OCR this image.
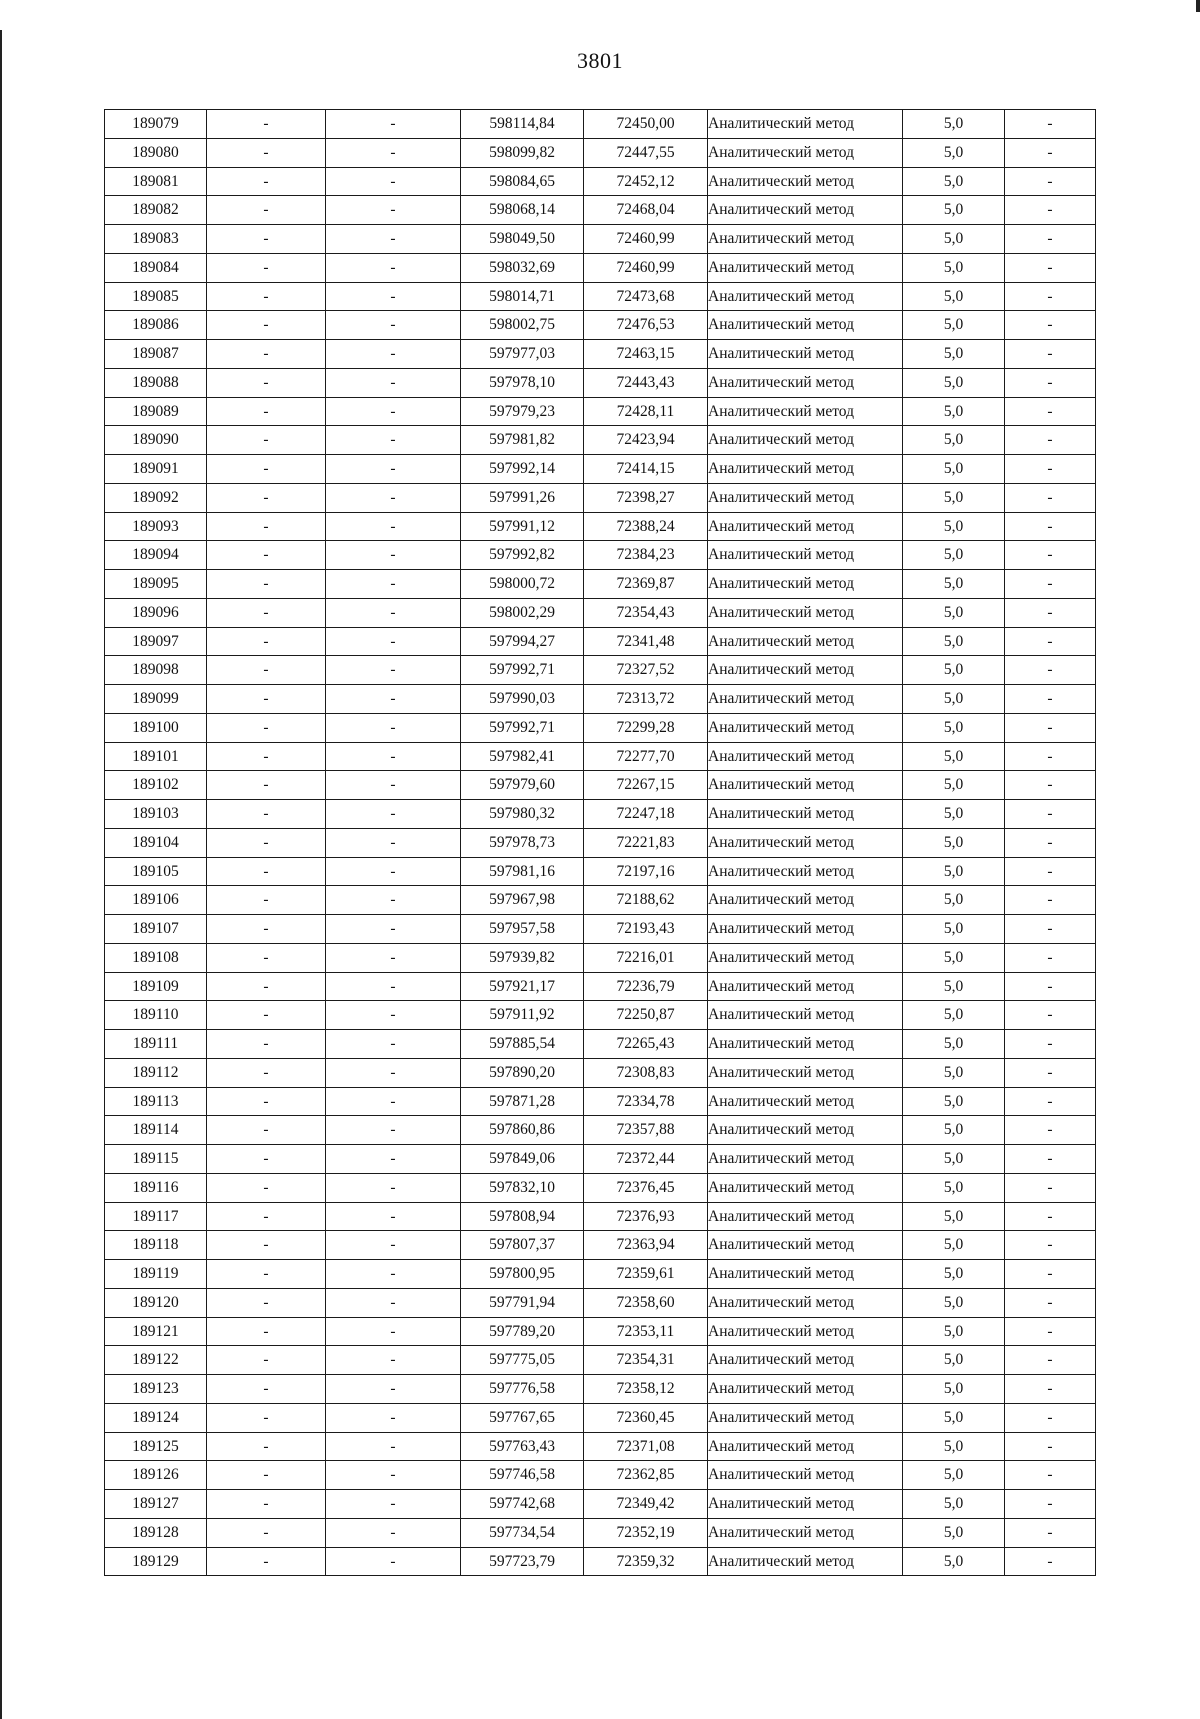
3801
189079	-	-	598114,84	72450,00	Аналитический метод	5,0	-
189080	-	-	598099,82	72447,55	Аналитический метод	5,0	-
189081	-	-	598084,65	72452,12	Аналитический метод	5,0	-
189082	-	-	598068,14	72468,04	Аналитический метод	5,0	-
189083	-	-	598049,50	72460,99	Аналитический метод	5,0	-
189084	-	-	598032,69	72460,99	Аналитический метод	5,0	-
189085	-	-	598014,71	72473,68	Аналитический метод	5,0	-
189086	-	-	598002,75	72476,53	Аналитический метод	5,0	-
189087	-	-	597977,03	72463,15	Аналитический метод	5,0	-
189088	-	-	597978,10	72443,43	Аналитический метод	5,0	-
189089	-	-	597979,23	72428,11	Аналитический метод	5,0	-
189090	-	-	597981,82	72423,94	Аналитический метод	5,0	-
189091	-	-	597992,14	72414,15	Аналитический метод	5,0	-
189092	-	-	597991,26	72398,27	Аналитический метод	5,0	-
189093	-	-	597991,12	72388,24	Аналитический метод	5,0	-
189094	-	-	597992,82	72384,23	Аналитический метод	5,0	-
189095	-	-	598000,72	72369,87	Аналитический метод	5,0	-
189096	-	-	598002,29	72354,43	Аналитический метод	5,0	-
189097	-	-	597994,27	72341,48	Аналитический метод	5,0	-
189098	-	-	597992,71	72327,52	Аналитический метод	5,0	-
189099	-	-	597990,03	72313,72	Аналитический метод	5,0	-
189100	-	-	597992,71	72299,28	Аналитический метод	5,0	-
189101	-	-	597982,41	72277,70	Аналитический метод	5,0	-
189102	-	-	597979,60	72267,15	Аналитический метод	5,0	-
189103	-	-	597980,32	72247,18	Аналитический метод	5,0	-
189104	-	-	597978,73	72221,83	Аналитический метод	5,0	-
189105	-	-	597981,16	72197,16	Аналитический метод	5,0	-
189106	-	-	597967,98	72188,62	Аналитический метод	5,0	-
189107	-	-	597957,58	72193,43	Аналитический метод	5,0	-
189108	-	-	597939,82	72216,01	Аналитический метод	5,0	-
189109	-	-	597921,17	72236,79	Аналитический метод	5,0	-
189110	-	-	597911,92	72250,87	Аналитический метод	5,0	-
189111	-	-	597885,54	72265,43	Аналитический метод	5,0	-
189112	-	-	597890,20	72308,83	Аналитический метод	5,0	-
189113	-	-	597871,28	72334,78	Аналитический метод	5,0	-
189114	-	-	597860,86	72357,88	Аналитический метод	5,0	-
189115	-	-	597849,06	72372,44	Аналитический метод	5,0	-
189116	-	-	597832,10	72376,45	Аналитический метод	5,0	-
189117	-	-	597808,94	72376,93	Аналитический метод	5,0	-
189118	-	-	597807,37	72363,94	Аналитический метод	5,0	-
189119	-	-	597800,95	72359,61	Аналитический метод	5,0	-
189120	-	-	597791,94	72358,60	Аналитический метод	5,0	-
189121	-	-	597789,20	72353,11	Аналитический метод	5,0	-
189122	-	-	597775,05	72354,31	Аналитический метод	5,0	-
189123	-	-	597776,58	72358,12	Аналитический метод	5,0	-
189124	-	-	597767,65	72360,45	Аналитический метод	5,0	-
189125	-	-	597763,43	72371,08	Аналитический метод	5,0	-
189126	-	-	597746,58	72362,85	Аналитический метод	5,0	-
189127	-	-	597742,68	72349,42	Аналитический метод	5,0	-
189128	-	-	597734,54	72352,19	Аналитический метод	5,0	-
189129	-	-	597723,79	72359,32	Аналитический метод	5,0	-
